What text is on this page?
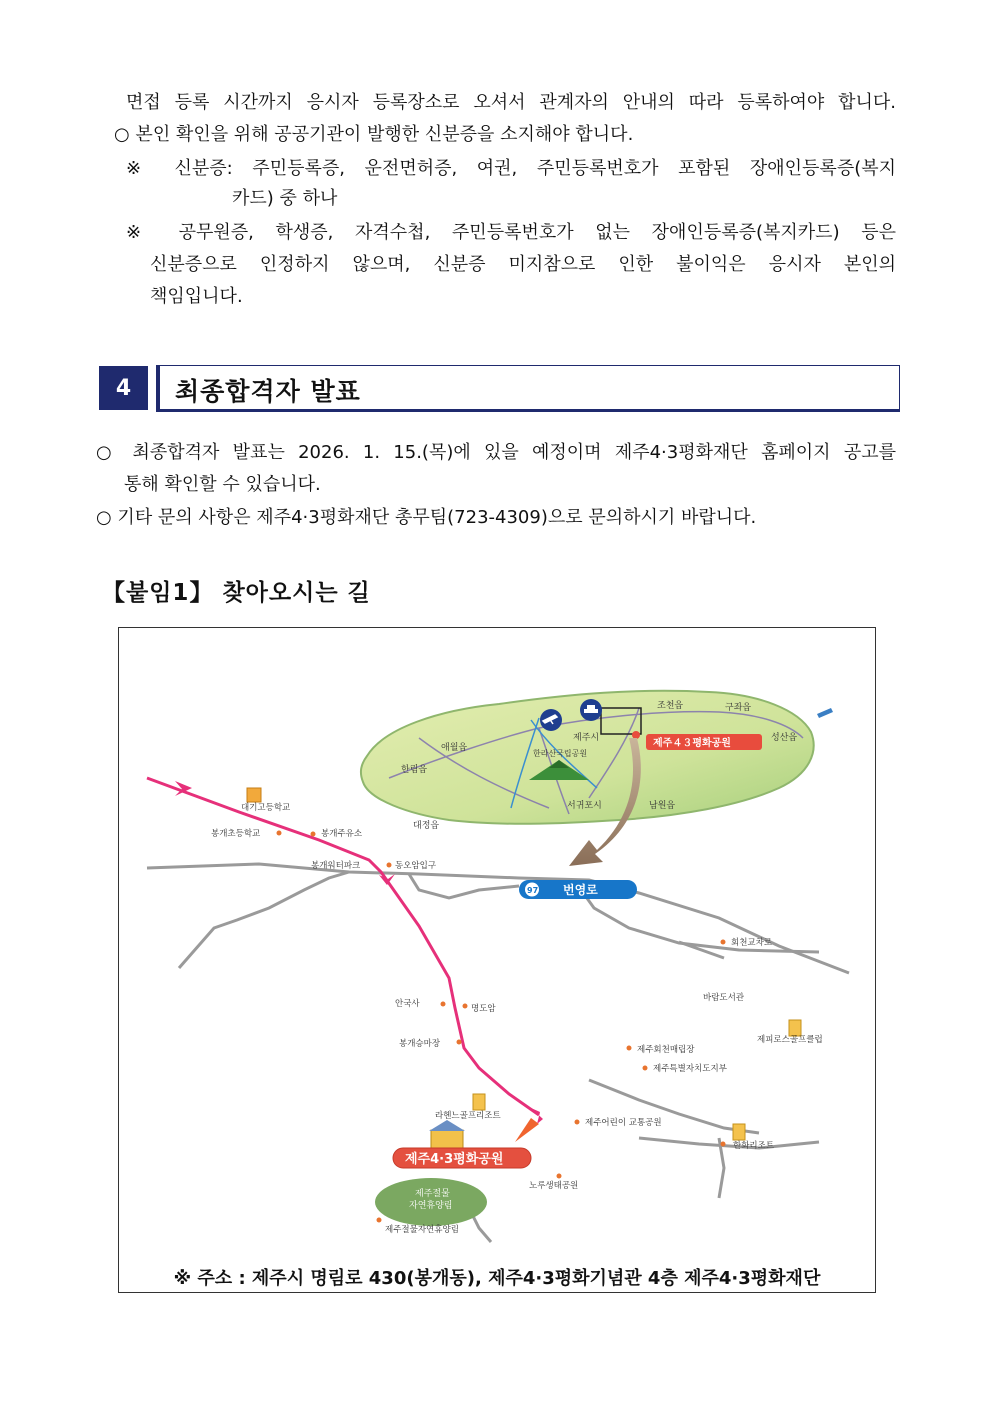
면접 등록 시간까지 응시자 등록장소로 오셔서 관계자의 안내의 따라 등록하여야 합니다.
○ 본인 확인을 위해 공공기관이 발행한 신분증을 소지해야 합니다.
※ 신분증: 주민등록증, 운전면허증, 여권, 주민등록번호가 포함된 장애인등록증(복지
카드) 중 하나
※ 공무원증, 학생증, 자격수첩, 주민등록번호가 없는 장애인등록증(복지카드) 등은
신분증으로 인정하지 않으며, 신분증 미지참으로 인한 불이익은 응시자 본인의
책임입니다.
4	최종합격자 발표
○ 최종합격자 발표는 2026. 1. 15.(목)에 있을 예정이며 제주4·3평화재단 홈페이지 공고를
통해 확인할 수 있습니다.
○ 기타 문의 사항은 제주4·3평화재단 총무팀(723-4309)으로 문의하시기 바랍니다.
【붙임1】 찾아오시는 길
조천읍	구좌읍
성산읍
제주시
애월읍
한림읍
대정읍
한라산국립공원
서귀포시	남원읍
제주４３평화공원
97 번영로
제주4·3평화공원
제주절물
자연휴양림
대기고등학교
봉개초등학교	봉개주유소
봉개워터파크	동오암입구
회천교차로
안국사	명도암
바람도서관
봉개승마장
제주회천매립장
제주특별자치도지부
제피로스골프클럽
라헨느골프리조트
제주어린이 교통공원
한화리조트
노루생태공원
제주절물자연휴양림
※ 주소 : 제주시 명림로 430(봉개동), 제주4·3평화기념관 4층 제주4·3평화재단
